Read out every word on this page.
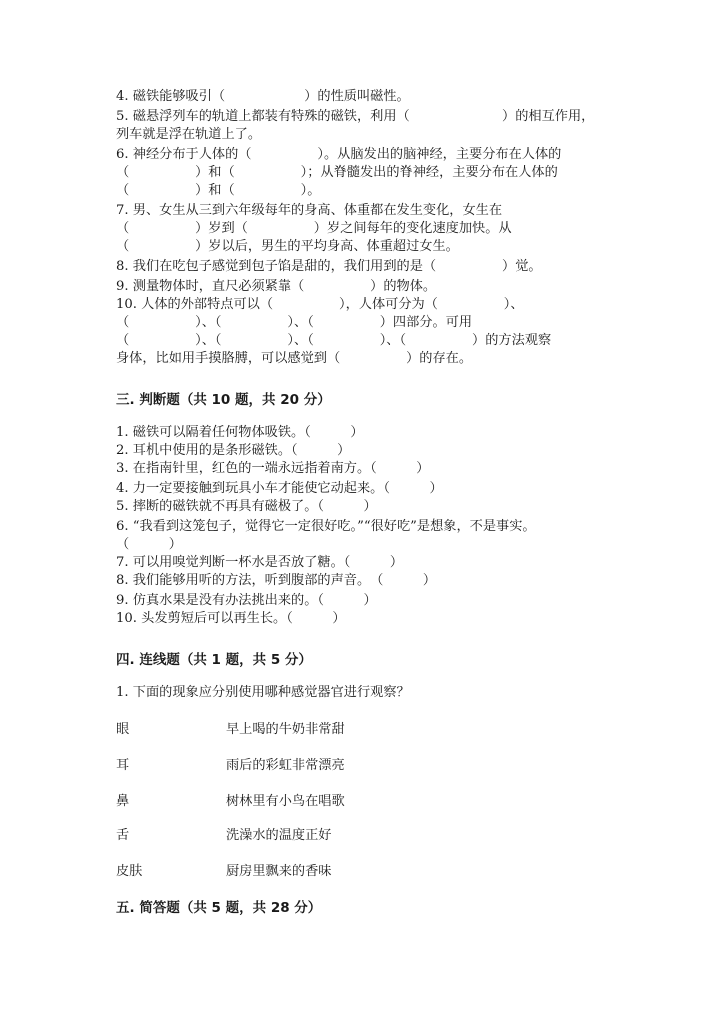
4. 磁铁能够吸引（　　　　　　）的性质叫磁性。
5. 磁悬浮列车的轨道上都装有特殊的磁铁，利用（　　　　　　　）的相互作用，
列车就是浮在轨道上了。
6. 神经分布于人体的（　　　　　）。从脑发出的脑神经，主要分布在人体的
（　　　　　）和（　　　　　）；从脊髓发出的脊神经，主要分布在人体的
（　　　　　）和（　　　　　）。
7. 男、女生从三到六年级每年的身高、体重都在发生变化，女生在
（　　　　　）岁到（　　　　　）岁之间每年的变化速度加快。从
（　　　　　）岁以后，男生的平均身高、体重超过女生。
8. 我们在吃包子感觉到包子馅是甜的，我们用到的是（　　　　　）觉。
9. 测量物体时，直尺必须紧靠（　　　　　）的物体。
10. 人体的外部特点可以（　　　　　），人体可分为（　　　　　）、
（　　　　　）、（　　　　　）、（　　　　　）四部分。可用
（　　　　　）、（　　　　　）、（　　　　　）、（　　　　　）的方法观察
身体，比如用手摸胳膊，可以感觉到（　　　　　）的存在。
三. 判断题（共 10 题，共 20 分）
1. 磁铁可以隔着任何物体吸铁。（　　　）
2. 耳机中使用的是条形磁铁。（　　　）
3. 在指南针里，红色的一端永远指着南方。（　　　）
4. 力一定要接触到玩具小车才能使它动起来。（　　　）
5. 摔断的磁铁就不再具有磁极了。（　　　）
6. “我看到这笼包子，觉得它一定很好吃。”“很好吃”是想象，不是事实。
（　　　）
7. 可以用嗅觉判断一杯水是否放了糖。（　　　）
8. 我们能够用听的方法，听到腹部的声音。　（　　　）
9. 仿真水果是没有办法挑出来的。（　　　）
10. 头发剪短后可以再生长。（　　　）
四. 连线题（共 1 题，共 5 分）
1. 下面的现象应分别使用哪种感觉器官进行观察？
眼	早上喝的牛奶非常甜
耳	雨后的彩虹非常漂亮
鼻	树林里有小鸟在唱歌
舌	洗澡水的温度正好
皮肤	厨房里飘来的香味
五. 简答题（共 5 题，共 28 分）
